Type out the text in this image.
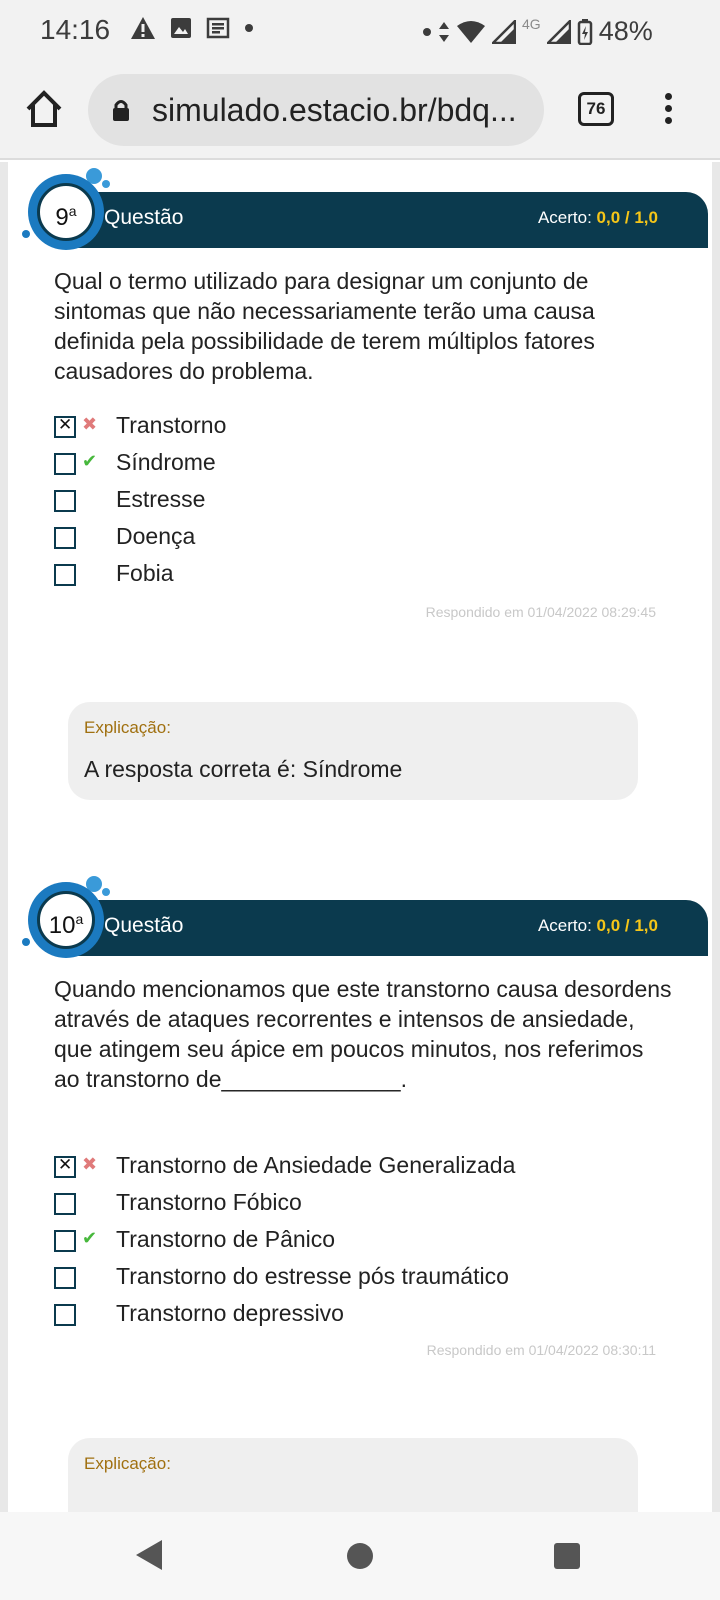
14:16	4G 48%
simulado.estacio.br/bdq...	76
Questão	Acerto: 0,0 / 1,0
9$^a$
Qual o termo utilizado para designar um conjunto de sintomas que não necessariamente terão uma causa definida pela possibilidade de terem múltiplos fatores causadores do problema.
✕
✖ Transtorno
✔ Síndrome
Estresse
Doença
Fobia
Respondido em 01/04/2022 08:29:45
Explicação:
A resposta correta é: Síndrome
Questão	Acerto: 0,0 / 1,0
10$^a$
Quando mencionamos que este transtorno causa desordens através de ataques recorrentes e intensos de ansiedade, que atingem seu ápice em poucos minutos, nos referimos ao transtorno de______________.
✕
✖ Transtorno de Ansiedade Generalizada
Transtorno Fóbico
✔ Transtorno de Pânico
Transtorno do estresse pós traumático
Transtorno depressivo
Respondido em 01/04/2022 08:30:11
Explicação:
